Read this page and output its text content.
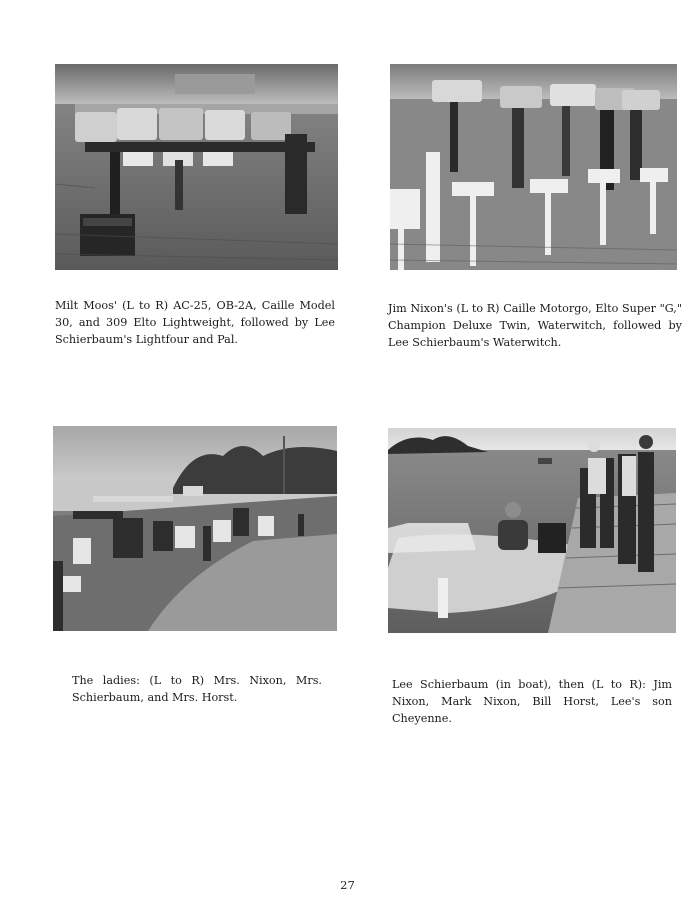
Milt Moos' (L to R) AC-25, OB-2A, Caille Model 30, and 309 Elto Lightweight, followed by Lee Schierbaum's Lightfour and Pal.
Jim Nixon's (L to R) Caille Motorgo, Elto Super "G," Champion Deluxe Twin, Waterwitch, followed by Lee Schierbaum's Waterwitch.
The ladies: (L to R) Mrs. Nixon, Mrs. Schierbaum, and Mrs. Horst.
Lee Schierbaum (in boat), then (L to R): Jim Nixon, Mark Nixon, Bill Horst, Lee's son Cheyenne.
27
